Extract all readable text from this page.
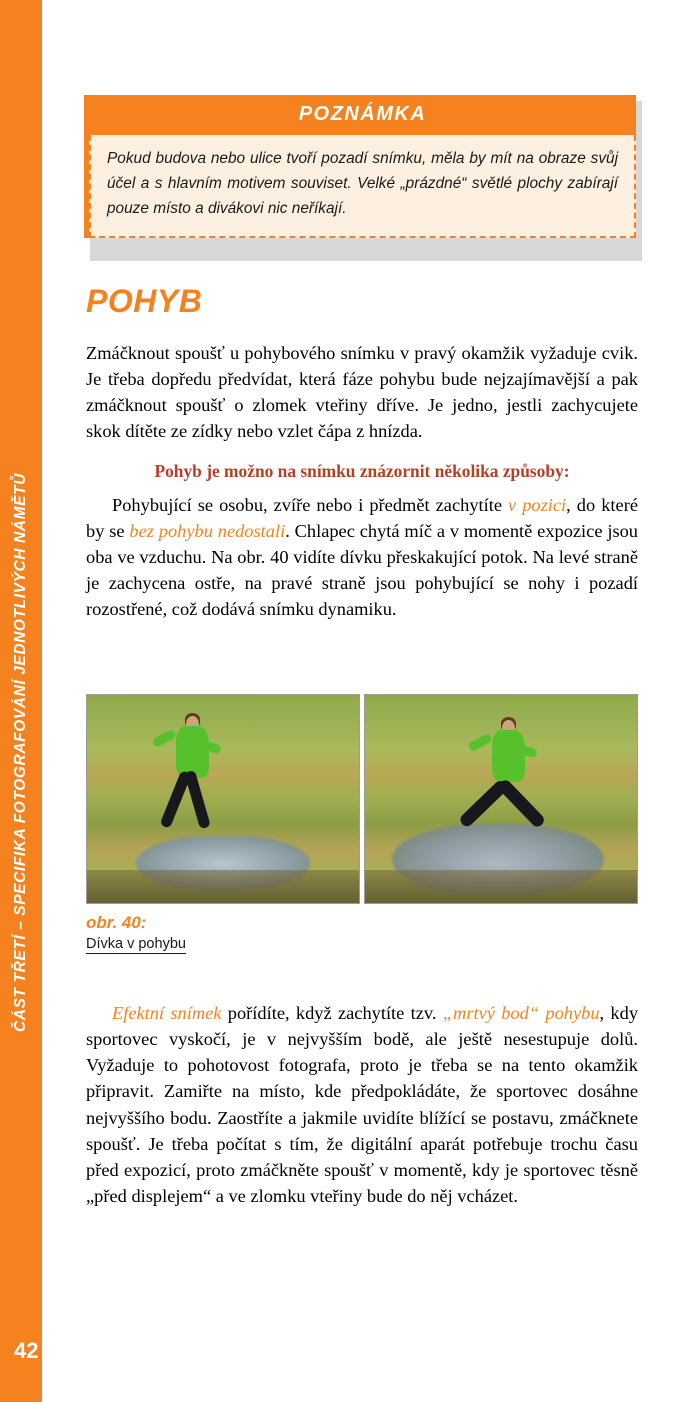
ČÁST TŘETÍ – SPECIFIKA FOTOGRAFOVÁNÍ JEDNOTLIVÝCH NÁMĚTŮ
42
POZNÁMKA
Pokud budova nebo ulice tvoří pozadí snímku, měla by mít na obraze svůj účel a s hlavním motivem souviset. Velké „prázdné“ světlé plochy zabírají pouze místo a divákovi nic neříkají.
POHYB

Zmáčknout spoušť u pohybového snímku v pravý okamžik vyžaduje cvik. Je třeba dopředu předvídat, která fáze pohybu bude nejzajímavější a pak zmáčknout spoušť o zlomek vteřiny dříve. Je jedno, jestli zachycujete skok dítěte ze zídky nebo vzlet čápa z hnízda.

Pohyb je možno na snímku znázornit několika způsoby:

Pohybující se osobu, zvíře nebo i předmět zachytíte v pozici, do které by se bez pohybu nedostali. Chlapec chytá míč a v momentě expozice jsou oba ve vzduchu. Na obr. 40 vidíte dívku přeskakující potok. Na levé straně je zachycena ostře, na pravé straně jsou pohybující se nohy i pozadí rozostřené, což dodává snímku dynamiku.

obr. 40:
Dívka v pohybu

Efektní snímek pořídíte, když zachytíte tzv. „mrtvý bod“ pohybu, kdy sportovec vyskočí, je v nejvyšším bodě, ale ještě nesestupuje dolů. Vyžaduje to pohotovost fotografa, proto je třeba se na tento okamžik připravit. Zamiřte na místo, kde předpokládáte, že sportovec dosáhne nejvyššího bodu. Zaostříte a jakmile uvidíte blížící se postavu, zmáčknete spoušť. Je třeba počítat s tím, že digitální aparát potřebuje trochu času před expozicí, proto zmáčkněte spoušť v momentě, kdy je sportovec těsně „před displejem“ a ve zlomku vteřiny bude do něj vcházet.
